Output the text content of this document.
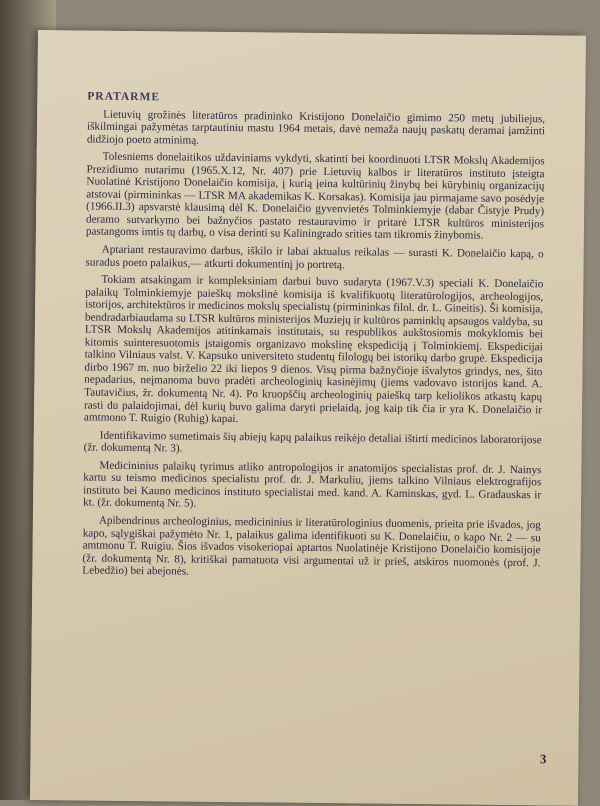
PRATARME

Lietuvių grožinės literatūros pradininko Kristijono Donelaičio gimimo 250 metų jubiliejus, iškilmingai pažymėtas tarptautiniu mastu 1964 metais, davė nemaža naujų paskatų deramai įamžinti didžiojo poeto atminimą.

Tolesniems donelaitikos uždaviniams vykdyti, skatinti bei koordinuoti LTSR Mokslų Akademijos Prezidiumo nutarimu (1965.X.12, Nr. 407) prie Lietuvių kalbos ir literatūros instituto įsteigta Nuolatinė Kristijono Donelaičio komisija, į kurią įeina kultūrinių žinybų bei kūrybinių organizacijų atstovai (pirmininkas — LTSR MA akademikas K. Korsakas). Komisija jau pirmajame savo posėdyje (1966.II.3) apsvarstė klausimą dėl K. Donelaičio gyvenvietės Tolminkiemyje (dabar Čistyje Prudy) deramo sutvarkymo bei bažnyčios pastato restauravimo ir pritarė LTSR kultūros ministerijos pastangoms imtis tų darbų, o visa derinti su Kaliningrado srities tam tikromis žinybomis.

Aptariant restauravimo darbus, iškilo ir labai aktualus reikalas — surasti K. Donelaičio kapą, o suradus poeto palaikus,— atkurti dokumentinį jo portretą.

Tokiam atsakingam ir kompleksiniam darbui buvo sudaryta (1967.V.3) speciali K. Donelaičio palaikų Tolminkiemyje paieškų mokslinė komisija iš kvalifikuotų literatūrologijos, archeologijos, istorijos, architektūros ir medicinos mokslų specialistų (pirmininkas filol. dr. L. Gineitis). Ši komisija, bendradarbiaudama su LTSR kultūros ministerijos Muziejų ir kultūros paminklų apsaugos valdyba, su LTSR Mokslų Akademijos atitinkamais institutais, su respublikos aukštosiomis mokyklomis bei kitomis suinteresuotomis įstaigomis organizavo mokslinę ekspediciją į Tolminkiemį. Ekspedicijai talkino Vilniaus valst. V. Kapsuko universiteto studentų filologų bei istorikų darbo grupė. Ekspedicija dirbo 1967 m. nuo birželio 22 iki liepos 9 dienos. Visų pirma bažnyčioje išvalytos grindys, nes, šito nepadarius, neįmanoma buvo pradėti archeologinių kasinėjimų (jiems vadovavo istorijos kand. A. Tautavičius, žr. dokumentą Nr. 4). Po kruopščių archeologinių paieškų tarp keliolikos atkastų kapų rasti du palaidojimai, dėl kurių buvo galima daryti prielaidą, jog kaip tik čia ir yra K. Donelaičio ir amtmono T. Ruigio (Ruhig) kapai.

Identifikavimo sumetimais šių abiejų kapų palaikus reikėjo detaliai ištirti medicinos laboratorijose (žr. dokumentą Nr. 3).

Medicininius palaikų tyrimus atliko antropologijos ir anatomijos specialistas prof. dr. J. Nainys kartu su teismo medicinos specialistu prof. dr. J. Markuliu, jiems talkino Vilniaus elektrografijos instituto bei Kauno medicinos instituto specialistai med. kand. A. Kaminskas, gyd. L. Gradauskas ir kt. (žr. dokumentą Nr. 5).

Apibendrinus archeologinius, medicininius ir literatūrologinius duomenis, prieita prie išvados, jog kapo, sąlygiškai pažymėto Nr. 1, palaikus galima identifikuoti su K. Donelaičiu, o kapo Nr. 2 — su amtmonu T. Ruigiu. Šios išvados visokeriopai aptartos Nuolatinėje Kristijono Donelaičio komisijoje (žr. dokumentą Nr. 8), kritiškai pamatuota visi argumentai už ir prieš, atskiros nuomonės (prof. J. Lebedžio) bei abejonės.

3
